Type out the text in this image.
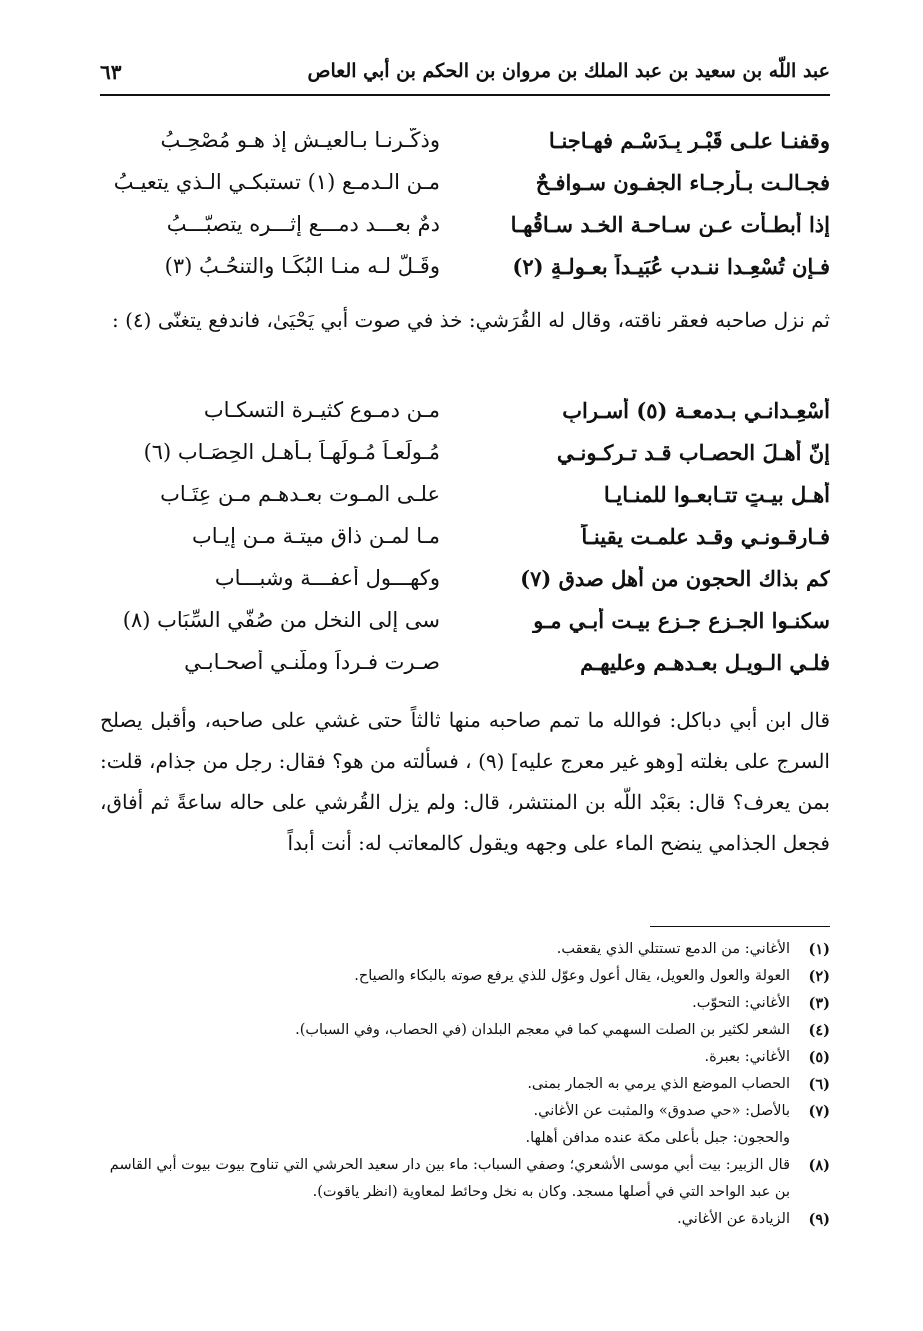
عبد اللّه بن سعيد بن عبد الملك بن مروان بن الحكم بن أبي العاص
٦٣
وقفنـا علـى قَبْـرٍ بِـدَسْـمٍ فهـاجنـا
وذكَّـرنـا بـالعيـش إذ هـو مُصْحِـبُ
فجـالـت بـأرجـاء الجفـون سـوافـحٌ
مـن الـدمـع (١) تستبكـي الـذي يتعيـبُ
إذا أبطـأت عـن سـاحـة الخـد سـاقُهـا
دمٌ بعـــد دمـــع إثـــره يتصبّـــبُ
فـإن تُسْعِـدا ننـدب عُبَيـداً بعـولـةٍ (٢)
وقَـلّ لـه منـا البُكَـا والتنحُـبُ (٣)

ثم نزل صاحبه فعقر ناقته، وقال له القُرَشي: خذ في صوت أبي يَحْيَىٰ، فاندفع يتغنّى (٤) :

أَسْعِـدانـي بـدمعـة (٥) أسـرابِ
مـن دمـوع كثيـرة التسكـاب
إنّ أهـلَ الحصـاب قـد تـركـونـي
مُـولَعـاً مُـولَهـاً بـأهـل الحِصَـاب (٦)
أهـل بيـتٍ تتـابعـوا للمنـايـا
علـى المـوت بعـدهـم مـن عِتَـاب
فـارقـونـي وقـد علمـت يقينـاً
مـا لمـن ذاق ميتـة مـن إيـاب
كم بذاك الحجون من أهل صدق (٧)
وكهـــول أعفـــة وشبـــاب
سكنـوا الجـزع جـزع بيـت أبـي مـو
سى إلى النخل من صُفّي السِّبَاب (٨)
فلـي الـويـل بعـدهـم وعليهـم
صـرت فـرداً وملّنـي أصحـابـي

قال ابن أبي دباكل: فوالله ما تمم صاحبه منها ثالثاً حتى غشي على صاحبه، وأقبل يصلح السرج على بغلته [وهو غير معرج عليه] (٩) ، فسألته من هو؟ فقال: رجل من جذام، قلت: بمن يعرف؟ قال: بعَبْد اللّه بن المنتشر، قال: ولم يزل القُرشي على حاله ساعةً ثم أفاق، فجعل الجذامي ينضح الماء على وجهه ويقول كالمعاتب له: أنت أبداً

(١)
الأغاني: من الدمع تستتلي الذي يقعقب.
(٢)
العولة والعول والعويل، يقال أعول وعوّل للذي يرفع صوته بالبكاء والصياح.
(٣)
الأغاني: التحوّب.
(٤)
الشعر لكثير بن الصلت السهمي كما في معجم البلدان (في الحصاب، وفي السباب).
(٥)
الأغاني: بعبرة.
(٦)
الحصاب الموضع الذي يرمي به الجمار بمنى.
(٧)
بالأصل: «حي صدوق» والمثبت عن الأغاني.
والحجون: جبل بأعلى مكة عنده مدافن أهلها.
(٨)
قال الزبير: بيت أبي موسى الأشعري؛ وصفي السباب: ماء بين دار سعيد الحرشي التي تناوح بيوت بيوت أبي القاسم بن عبد الواحد التي في أصلها مسجد. وكان به نخل وحائط لمعاوية (انظر ياقوت).
(٩)
الزيادة عن الأغاني.
